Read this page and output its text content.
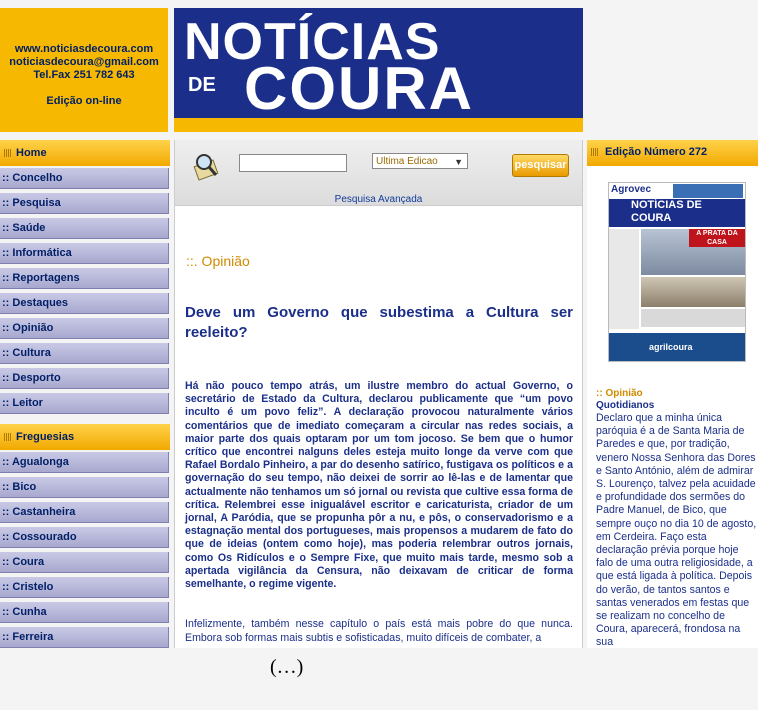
www.noticiasdecoura.com
noticiasdecoura@gmail.com
Tel.Fax 251 782 643
Edição on-line
NOTÍCIAS
DE COURA
Home
:: Concelho
:: Pesquisa
:: Saúde
:: Informática
:: Reportagens
:: Destaques
:: Opinião
:: Cultura
:: Desporto
:: Leitor
Freguesias
:: Agualonga
:: Bico
:: Castanheira
:: Cossourado
:: Coura
:: Cristelo
:: Cunha
:: Ferreira
Ultima Edicao ▼	pesquisar
Pesquisa Avançada
::. Opinião
Deve um Governo que subestima a Cultura ser reeleito?
Há não pouco tempo atrás, um ilustre membro do actual Governo, o secretário de Estado da Cultura, declarou publicamente que “um povo inculto é um povo feliz”. A declaração provocou naturalmente vários comentários que de imediato começaram a circular nas redes sociais, a maior parte dos quais optaram por um tom jocoso. Se bem que o humor crítico que encontrei nalguns deles esteja muito longe da verve com que Rafael Bordalo Pinheiro, a par do desenho satírico, fustigava os políticos e a governação do seu tempo, não deixei de sorrir ao lê-las e de lamentar que actualmente não tenhamos um só jornal ou revista que cultive essa forma de crítica. Relembrei esse inigualável escritor e caricaturista, criador de um jornal, A Paródia, que se propunha pôr a nu, e pôs, o conservadorismo e a estagnação mental dos portugueses, mais propensos a mudarem de fato do que de ideias (ontem como hoje), mas poderia relembrar outros jornais, como Os Ridículos e o Sempre Fixe, que muito mais tarde, mesmo sob a apertada vigilância da Censura, não deixavam de criticar de forma semelhante, o regime vigente.
Infelizmente, também nesse capítulo o país está mais pobre do que nunca. Embora sob formas mais subtis e sofisticadas, muito difíceis de combater, a
Edição Número 272
Agrovec
NOTÍCIAS DE COURA
A PRATA DA CASA
agrilcoura
:: Opinião
Quotidianos
Declaro que a minha única paróquia é a de Santa Maria de Paredes e que, por tradição, venero Nossa Senhora das Dores e Santo António, além de admirar S. Lourenço, talvez pela acuidade e profundidade dos sermões do Padre Manuel, de Bico, que sempre ouço no dia 10 de agosto, em Cerdeira. Faço esta declaração prévia porque hoje falo de uma outra religiosidade, a que está ligada à política. Depois do verão, de tantos santos e santas venerados em festas que se realizam no concelho de Coura, aparecerá, frondosa na sua
(…)
